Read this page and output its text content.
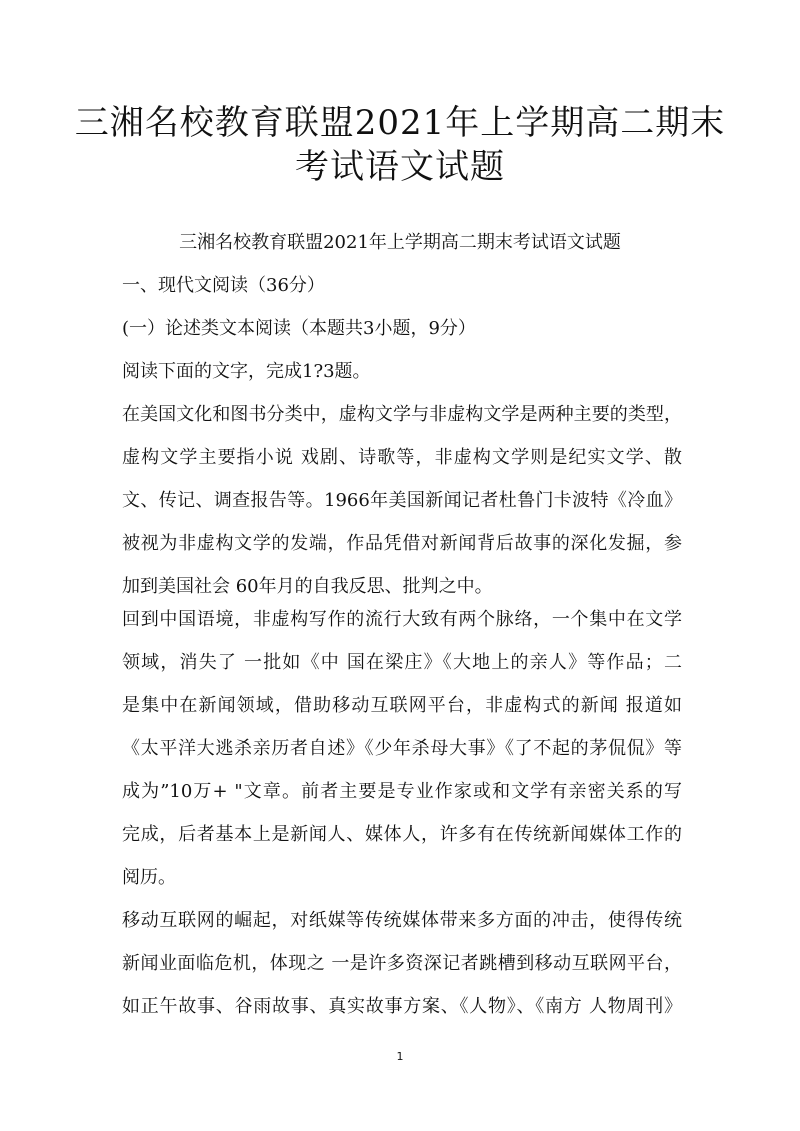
三湘名校教育联盟2021年上学期高二期末
考试语文试题
三湘名校教育联盟2021年上学期高二期末考试语文试题
一、现代文阅读（36分）
(一）论述类文本阅读（本题共3小题，9分）
阅读下面的文字，完成1?3题。
在美国文化和图书分类中，虚构文学与非虚构文学是两种主要的类型，
虚构文学主要指小说 戏剧、诗歌等，非虚构文学则是纪实文学、散
文、传记、调查报告等。1966年美国新闻记者杜鲁门卡波特《冷血》
被视为非虚构文学的发端，作品凭借对新闻背后故事的深化发掘，参
加到美国社会 60年月的自我反思、批判之中。
回到中国语境，非虚构写作的流行大致有两个脉络，一个集中在文学
领域，消失了 一批如《中 国在梁庄》《大地上的亲人》等作品；二
是集中在新闻领域，借助移动互联网平台，非虚构式的新闻 报道如
《太平洋大逃杀亲历者自述》《少年杀母大事》《了不起的茅侃侃》等
成为”10万+ "文章。前者主要是专业作家或和文学有亲密关系的写
完成，后者基本上是新闻人、媒体人，许多有在传统新闻媒体工作的
阅历。
移动互联网的崛起，对纸媒等传统媒体带来多方面的冲击，使得传统
新闻业面临危机，体现之 一是许多资深记者跳槽到移动互联网平台，
如正午故事、谷雨故事、真实故事方案、《人物》、《南方 人物周刊》
1
